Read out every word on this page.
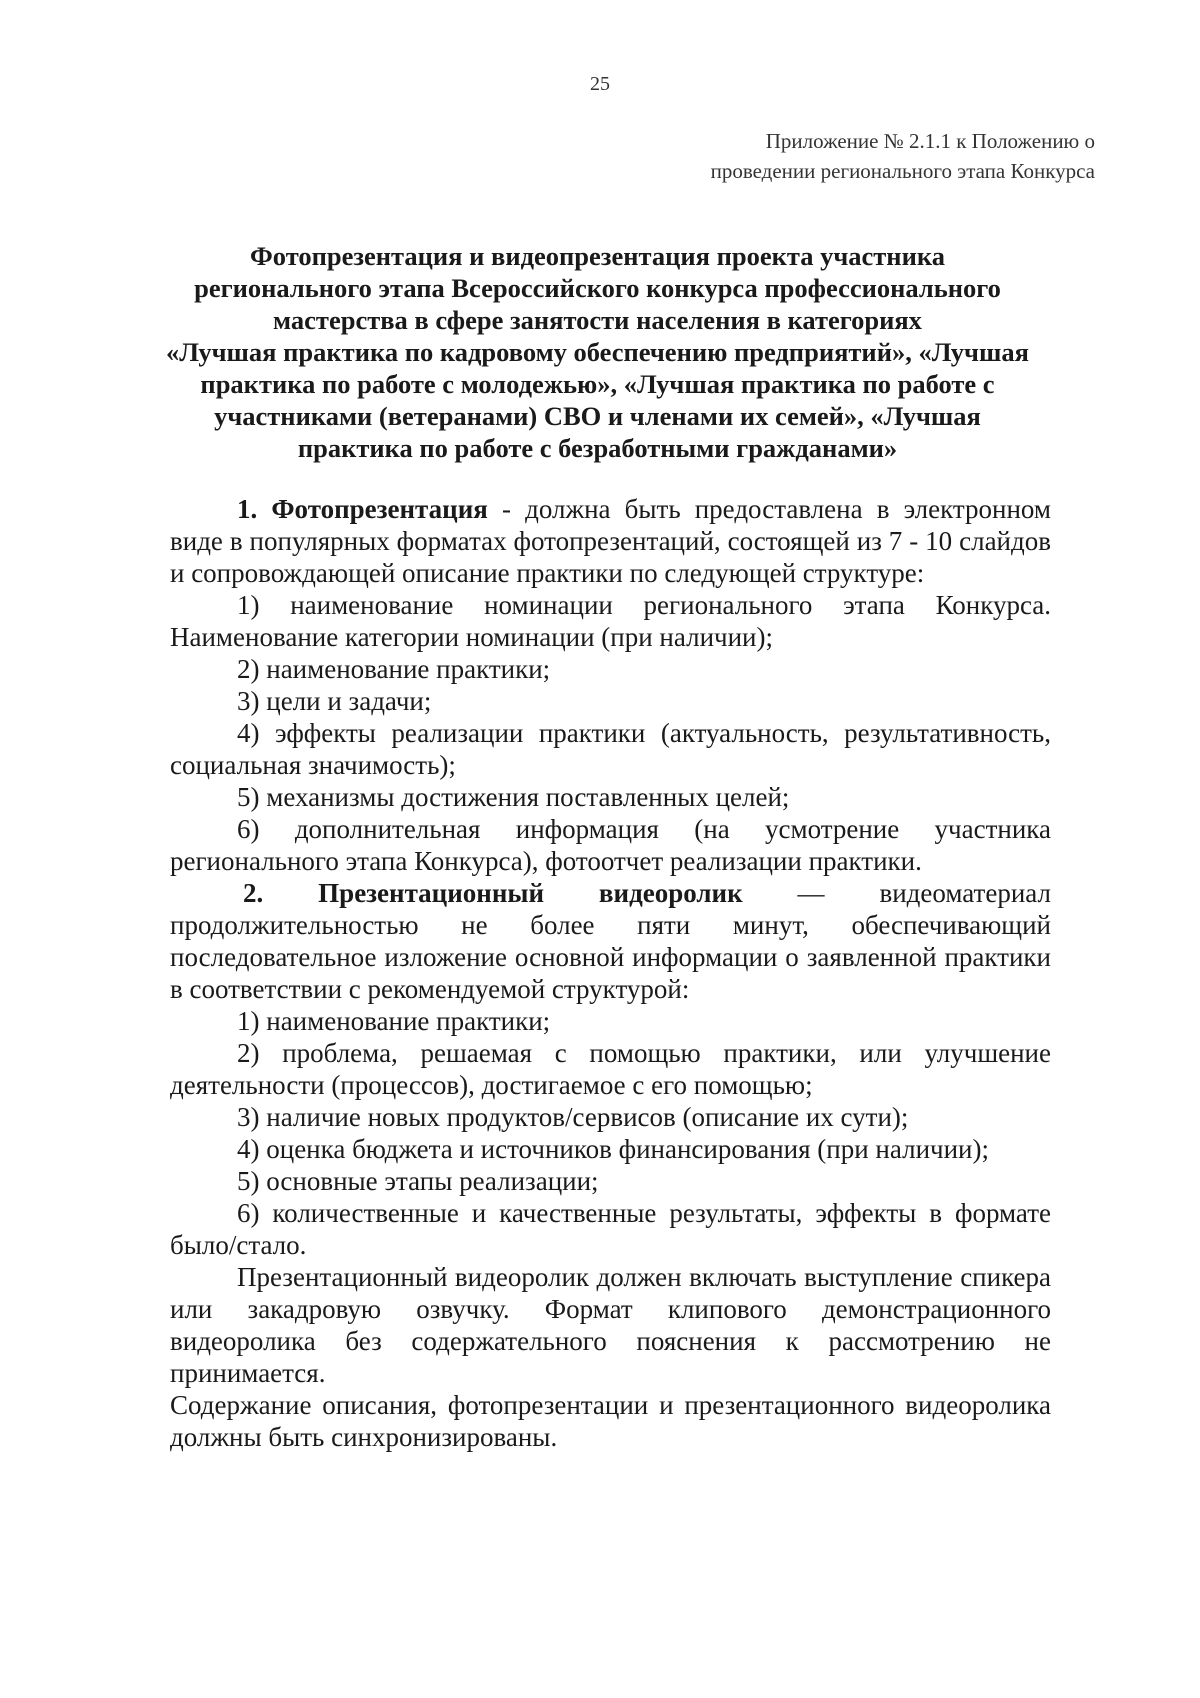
25
Приложение № 2.1.1 к Положению о
проведении регионального этапа Конкурса
Фотопрезентация и видеопрезентация проекта участника
регионального этапа Всероссийского конкурса профессионального
мастерства в сфере занятости населения в категориях
«Лучшая практика по кадровому обеспечению предприятий», «Лучшая
практика по работе с молодежью», «Лучшая практика по работе с
участниками (ветеранами) СВО и членами их семей», «Лучшая
практика по работе с безработными гражданами»

1. Фотопрезентация - должна быть предоставлена в электронном виде в популярных форматах фотопрезентаций, состоящей из 7 - 10 слайдов и сопровождающей описание практики по следующей структуре:

1) наименование номинации регионального этапа Конкурса. Наименование категории номинации (при наличии);

2) наименование практики;

3) цели и задачи;

4) эффекты реализации практики (актуальность, результативность, социальная значимость);

5) механизмы достижения поставленных целей;

6) дополнительная информация (на усмотрение участника регионального этапа Конкурса), фотоотчет реализации практики.

2. Презентационный видеоролик — видеоматериал продолжительностью не более пяти минут, обеспечивающий последовательное изложение основной информации о заявленной практики в соответствии с рекомендуемой структурой:

1) наименование практики;

2) проблема, решаемая с помощью практики, или улучшение деятельности (процессов), достигаемое с его помощью;

3) наличие новых продуктов/сервисов (описание их сути);

4) оценка бюджета и источников финансирования (при наличии);

5) основные этапы реализации;

6) количественные и качественные результаты, эффекты в формате было/стало.

Презентационный видеоролик должен включать выступление спикера или закадровую озвучку. Формат клипового демонстрационного видеоролика без содержательного пояснения к рассмотрению не принимается.

Содержание описания, фотопрезентации и презентационного видеоролика должны быть синхронизированы.
